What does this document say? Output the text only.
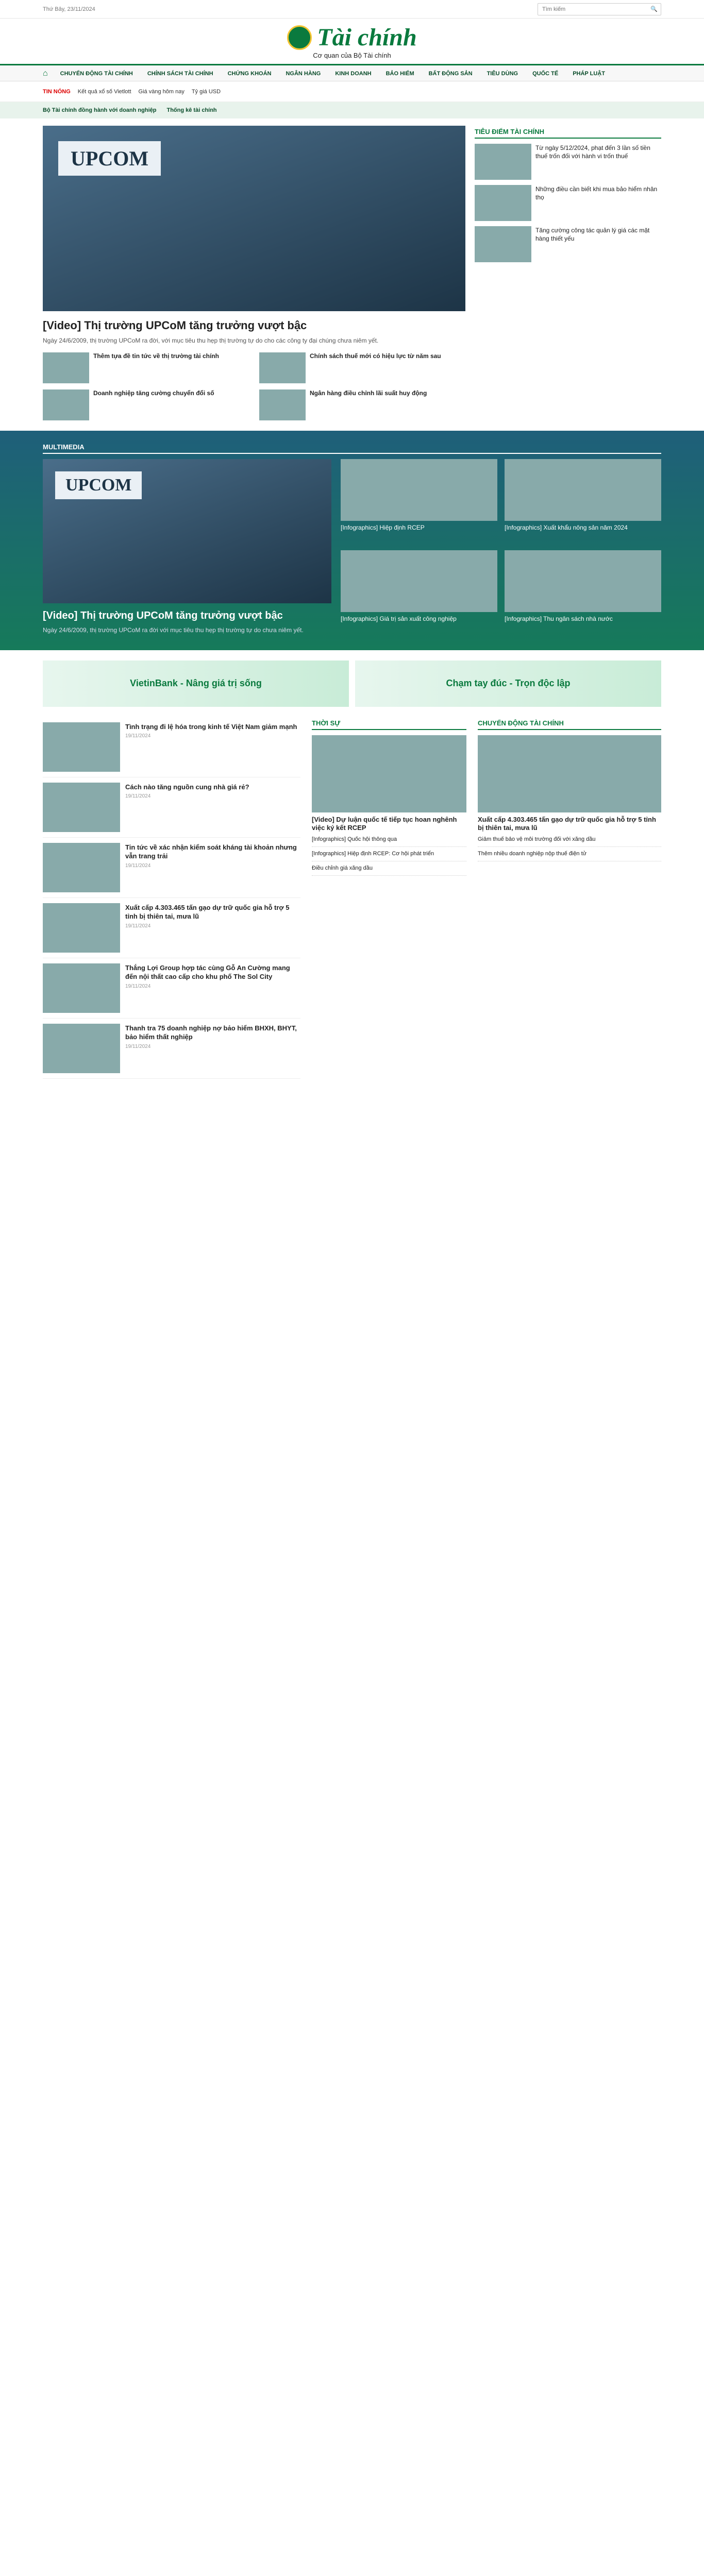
Thứ Bảy, 23/11/2024
Tìm kiếm	🔍
Tài chính
Cơ quan của Bộ Tài chính
⌂	CHUYỂN ĐỘNG TÀI CHÍNH	CHÍNH SÁCH TÀI CHÍNH	CHỨNG KHOÁN	NGÂN HÀNG	KINH DOANH	BẢO HIỂM	BẤT ĐỘNG SẢN	TIÊU DÙNG	QUỐC TẾ	PHÁP LUẬT
TIN NÓNG Kết quả xổ số Vietlott Giá vàng hôm nay Tỷ giá USD
Bộ Tài chính đồng hành với doanh nghiệp Thống kê tài chính
UPCOM
[Video] Thị trường UPCoM tăng trưởng vượt bậc
Ngày 24/6/2009, thị trường UPCoM ra đời, với mục tiêu thu hẹp thị trường tự do cho các công ty đại chúng chưa niêm yết.
Thêm tựa đề tin tức về thị trường tài chính	Chính sách thuế mới có hiệu lực từ năm sau
Doanh nghiệp tăng cường chuyển đổi số	Ngân hàng điều chỉnh lãi suất huy động
TIÊU ĐIỂM TÀI CHÍNH
Từ ngày 5/12/2024, phạt đến 3 lần số tiền thuế trốn đối với hành vi trốn thuế
Những điều cần biết khi mua bảo hiểm nhân thọ
Tăng cường công tác quản lý giá các mặt hàng thiết yếu
MULTIMEDIA
UPCOM
[Video] Thị trường UPCoM tăng trưởng vượt bậc
Ngày 24/6/2009, thị trường UPCoM ra đời với mục tiêu thu hẹp thị trường tự do chưa niêm yết.
[Infographics] Hiệp định RCEP	[Infographics] Xuất khẩu nông sản năm 2024
[Infographics] Giá trị sản xuất công nghiệp	[Infographics] Thu ngân sách nhà nước
VietinBank - Nâng giá trị sống	Chạm tay đúc - Trọn độc lập
Tình trạng đi lệ hóa trong kinh tế Việt Nam giảm mạnh
19/11/2024
Cách nào tăng nguồn cung nhà giá rẻ?
19/11/2024
Tin tức về xác nhận kiểm soát kháng tài khoản nhưng vẫn trang trải
19/11/2024
Xuất cấp 4.303.465 tấn gạo dự trữ quốc gia hỗ trợ 5 tỉnh bị thiên tai, mưa lũ
19/11/2024
Thắng Lợi Group hợp tác cùng Gỗ An Cường mang đến nội thất cao cấp cho khu phố The Sol City
19/11/2024
Thanh tra 75 doanh nghiệp nợ bảo hiểm BHXH, BHYT, bảo hiểm thất nghiệp
19/11/2024
THỜI SỰ
[Video] Dự luận quốc tế tiếp tục hoan nghênh việc ký kết RCEP
[Infographics] Quốc hội thông qua
[Infographics] Hiệp định RCEP: Cơ hội phát triển
Điều chỉnh giá xăng dầu
CHUYỂN ĐỘNG TÀI CHÍNH
Xuất cấp 4.303.465 tấn gạo dự trữ quốc gia hỗ trợ 5 tỉnh bị thiên tai, mưa lũ
Giảm thuế bảo vệ môi trường đối với xăng dầu
Thêm nhiều doanh nghiệp nộp thuế điện tử
